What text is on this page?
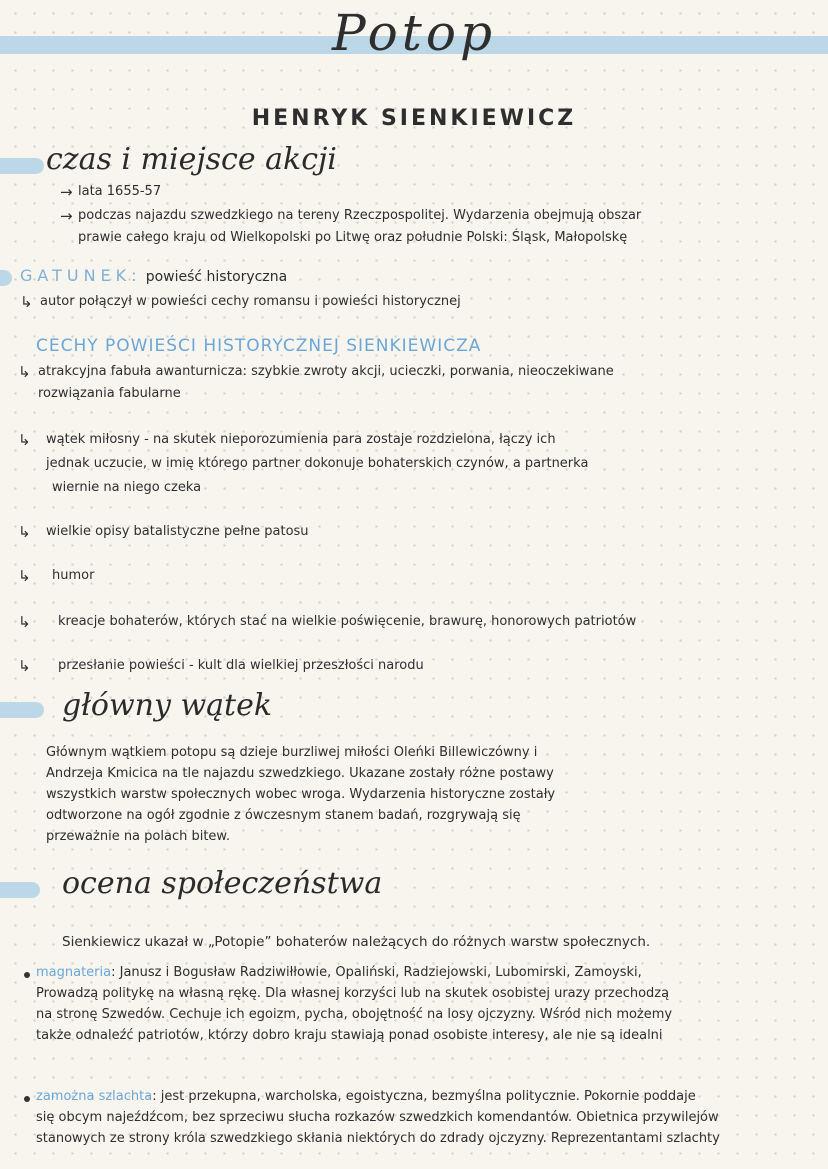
Potop
HENRYK SIENKIEWICZ
czas i miejsce akcji
→ lata 1655-57
→ podczas najazdu szwedzkiego na tereny Rzeczpospolitej. Wydarzenia obejmują obszar
prawie całego kraju od Wielkopolski po Litwę oraz południe Polski: Śląsk, Małopolskę
GATUNEK: powieść historyczna
↳ autor połączył w powieści cechy romansu i powieści historycznej
CECHY POWIEŚCI HISTORYCZNEJ SIENKIEWICZA
↳ atrakcyjna fabuła awanturnicza: szybkie zwroty akcji, ucieczki, porwania, nieoczekiwane
rozwiązania fabularne
↳ wątek miłosny - na skutek nieporozumienia para zostaje rozdzielona, łączy ich
jednak uczucie, w imię którego partner dokonuje bohaterskich czynów, a partnerka
wiernie na niego czeka
↳ wielkie opisy batalistyczne pełne patosu
↳ humor
↳ kreacje bohaterów, których stać na wielkie poświęcenie, brawurę, honorowych patriotów
↳ przesłanie powieści - kult dla wielkiej przeszłości narodu
główny wątek
Głównym wątkiem potopu są dzieje burzliwej miłości Oleńki Billewiczówny i
Andrzeja Kmicica na tle najazdu szwedzkiego. Ukazane zostały różne postawy
wszystkich warstw społecznych wobec wroga. Wydarzenia historyczne zostały
odtworzone na ogół zgodnie z ówczesnym stanem badań, rozgrywają się
przeważnie na polach bitew.
ocena społeczeństwa
Sienkiewicz ukazał w „Potopie” bohaterów należących do różnych warstw społecznych.
magnateria: Janusz i Bogusław Radziwiłłowie, Opaliński, Radziejowski, Lubomirski, Zamoyski,
Prowadzą politykę na własną rękę. Dla własnej korzyści lub na skutek osobistej urazy przechodzą
na stronę Szwedów. Cechuje ich egoizm, pycha, obojętność na losy ojczyzny. Wśród nich możemy
także odnaleźć patriotów, którzy dobro kraju stawiają ponad osobiste interesy, ale nie są idealni
zamożna szlachta: jest przekupna, warcholska, egoistyczna, bezmyślna politycznie. Pokornie poddaje
się obcym najeźdźcom, bez sprzeciwu słucha rozkazów szwedzkich komendantów. Obietnica przywilejów
stanowych ze strony króla szwedzkiego skłania niektórych do zdrady ojczyzny. Reprezentantami szlachty
